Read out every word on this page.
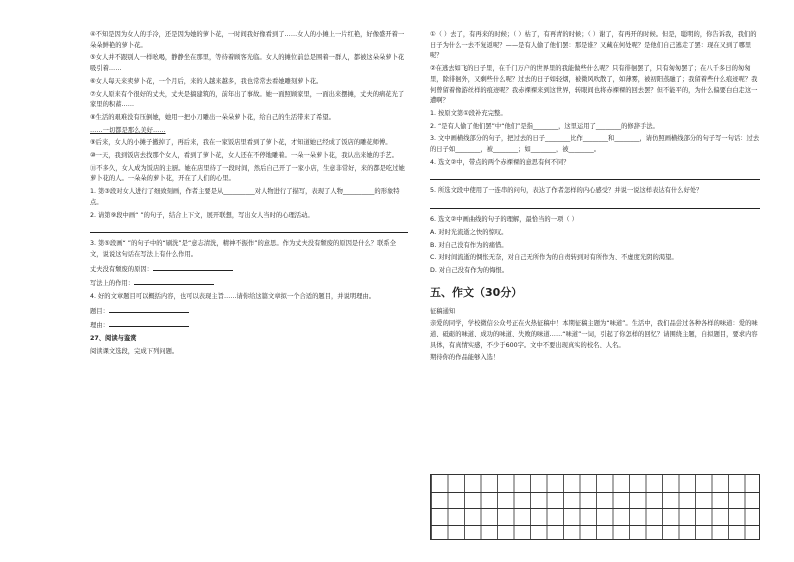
④不知是因为女人的手冷，还是因为她的萝卜花，一时间我好像看到了……女人的小摊上一片红艳，好像盛开着一朵朵鲜艳的萝卜花。

⑤女人并不跟别人一样吆喝，静静坐在那里，等待着顾客光临。女人的摊位前总是围着一群人，都被这朵朵萝卜花吸引着……

⑥女人每天来卖萝卜花，一个月后，来的人越来越多，我也常常去看她雕刻萝卜花。

⑦女人原来有个很好的丈夫，丈夫是搞建筑的，前年出了事故。她一面照顾家里，一面出来摆摊，丈夫的病花光了家里的积蓄……

⑧生活的艰难没有压倒她，她用一把小刀雕出一朵朵萝卜花，给自己的生活带来了希望。

……一切都是那么美好……

⑨后来，女人的小摊子撤掉了，再后来，我在一家饭店里看到了萝卜花，才知道她已经成了饭店的雕花师傅。

⑩一天，我到饭店去找那个女人，看到了萝卜花，女人还在不停地雕着。一朵一朵萝卜花，我认出来她的手艺。

⑪不多久，女人成为饭店的主厨。她在店里待了一段时间，然后自己开了一家小店，生意非常好，来的都是吃过她萝卜花的人。一朵朵的萝卜花，开在了人们的心里。

1. 第③段对女人进行了细致刻画，作者主要是从__________对人物进行了描写，表现了人物__________的形象特点。

2. 请第⑨段中画“ ”的句子，结合上下文，展开联想，写出女人当时的心理活动。

3. 第⑤段画“ ”的句子中的“刷洗”是“意志清洗，精神不振作”的意思。作为丈夫没有颓废的原因是什么？联系全文，说说这句话在写法上有什么作用。

丈夫没有颓废的原因：

写法上的作用：

4. 好的文章题目可以概括内容，也可以表现主旨……请你给这篇文章拟一个合适的题目，并说明理由。

题目：

理由：

27、阅读与鉴赏

阅读课文选段，完成下列问题。

①（ ）去了，有再来的时候；（ ）枯了，有再青的时候；（ ）谢了，有再开的时候。但是，聪明的，你告诉我，我们的日子为什么一去不复返呢？——是有人偷了他们罢：那是谁？又藏在何处呢？是他们自己逃走了罢：现在又到了哪里呢？

②在逃去如飞的日子里，在千门万户的世界里的我能做些什么呢？只有徘徊罢了，只有匆匆罢了；在八千多日的匆匆里，除徘徊外，又剩些什么呢？过去的日子如轻烟，被微风吹散了，如薄雾，被初阳蒸融了；我留着些什么痕迹呢？我何曾留着像游丝样的痕迹呢？我赤裸裸来到这世界，转眼间也将赤裸裸的回去罢？但不能平的，为什么偏要白白走这一遭啊？

1. 按原文第①段补充完整。

2. “是有人偷了他们罢”中“他们”是指________，这里运用了________的修辞手法。

3. 文中画横线部分的句子，把过去的日子________比作________和________，请仿照画横线部分的句子写一句话：过去的日子如________，被________；如________，被________。

4. 选文②中，带点的两个赤裸裸的意思有何不同？

5. 所选文段中使用了一连串的问句，表达了作者怎样的内心感受？并说一说这样表达有什么好处？

6. 选文②中画曲线的句子的理解，最恰当的一项（ ）

A. 对时光流逝之快的惊叹。

B. 对自己没有作为的痛惜。

C. 对时间流逝的惆怅无奈，对自己无所作为的自责转到对有所作为、不虚度光阴的渴望。

D. 对自己没有作为的悔恨。

五、作文（30分）

征稿通知

亲爱的同学，学校微信公众号正在火热征稿中！本期征稿主题为“味道”。生活中，我们品尝过各种各样的味道：爱的味道、砥砺的味道、成功的味道、失败的味道……“味道”一词，引起了你怎样的回忆？请围绕主题，自拟题目，要求内容具体，有真情实感，不少于600字。文中不要出现真实的校名、人名。

期待你的作品能够入选！
